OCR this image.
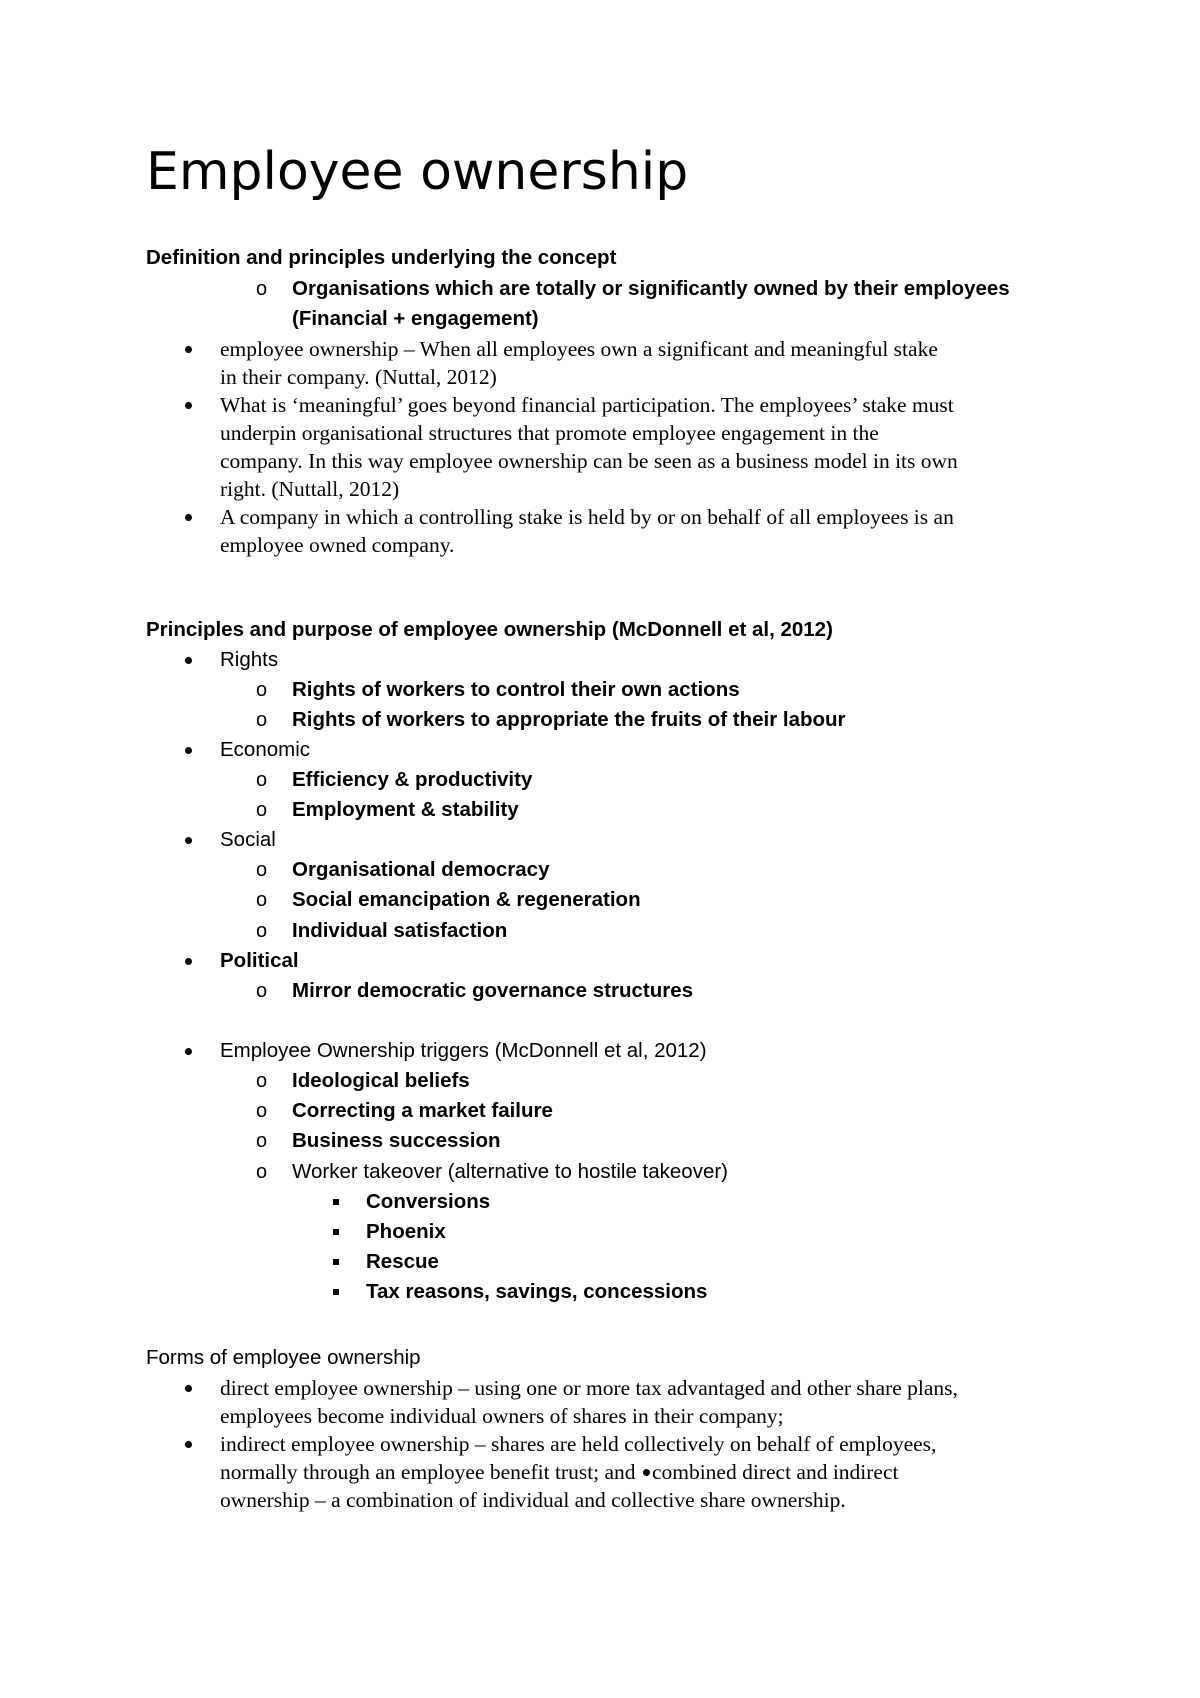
Employee ownership
Definition and principles underlying the concept
o Organisations which are totally or significantly owned by their employees
(Financial + engagement)
employee ownership – When all employees own a significant and meaningful stake
in their company. (Nuttal, 2012)
What is ‘meaningful’ goes beyond financial participation. The employees’ stake must
underpin organisational structures that promote employee engagement in the
company. In this way employee ownership can be seen as a business model in its own
right. (Nuttall, 2012)
A company in which a controlling stake is held by or on behalf of all employees is an
employee owned company.
Principles and purpose of employee ownership (McDonnell et al, 2012)
Rights
o Rights of workers to control their own actions
o Rights of workers to appropriate the fruits of their labour
Economic
o Efficiency & productivity
o Employment & stability
Social
o Organisational democracy
o Social emancipation & regeneration
o Individual satisfaction
Political
o Mirror democratic governance structures
Employee Ownership triggers (McDonnell et al, 2012)
o Ideological beliefs
o Correcting a market failure
o Business succession
o Worker takeover (alternative to hostile takeover)
Conversions
Phoenix
Rescue
Tax reasons, savings, concessions
Forms of employee ownership
direct employee ownership – using one or more tax advantaged and other share plans,
employees become individual owners of shares in their company;
indirect employee ownership – shares are held collectively on behalf of employees,
normally through an employee benefit trust; and combined direct and indirect
ownership – a combination of individual and collective share ownership.
